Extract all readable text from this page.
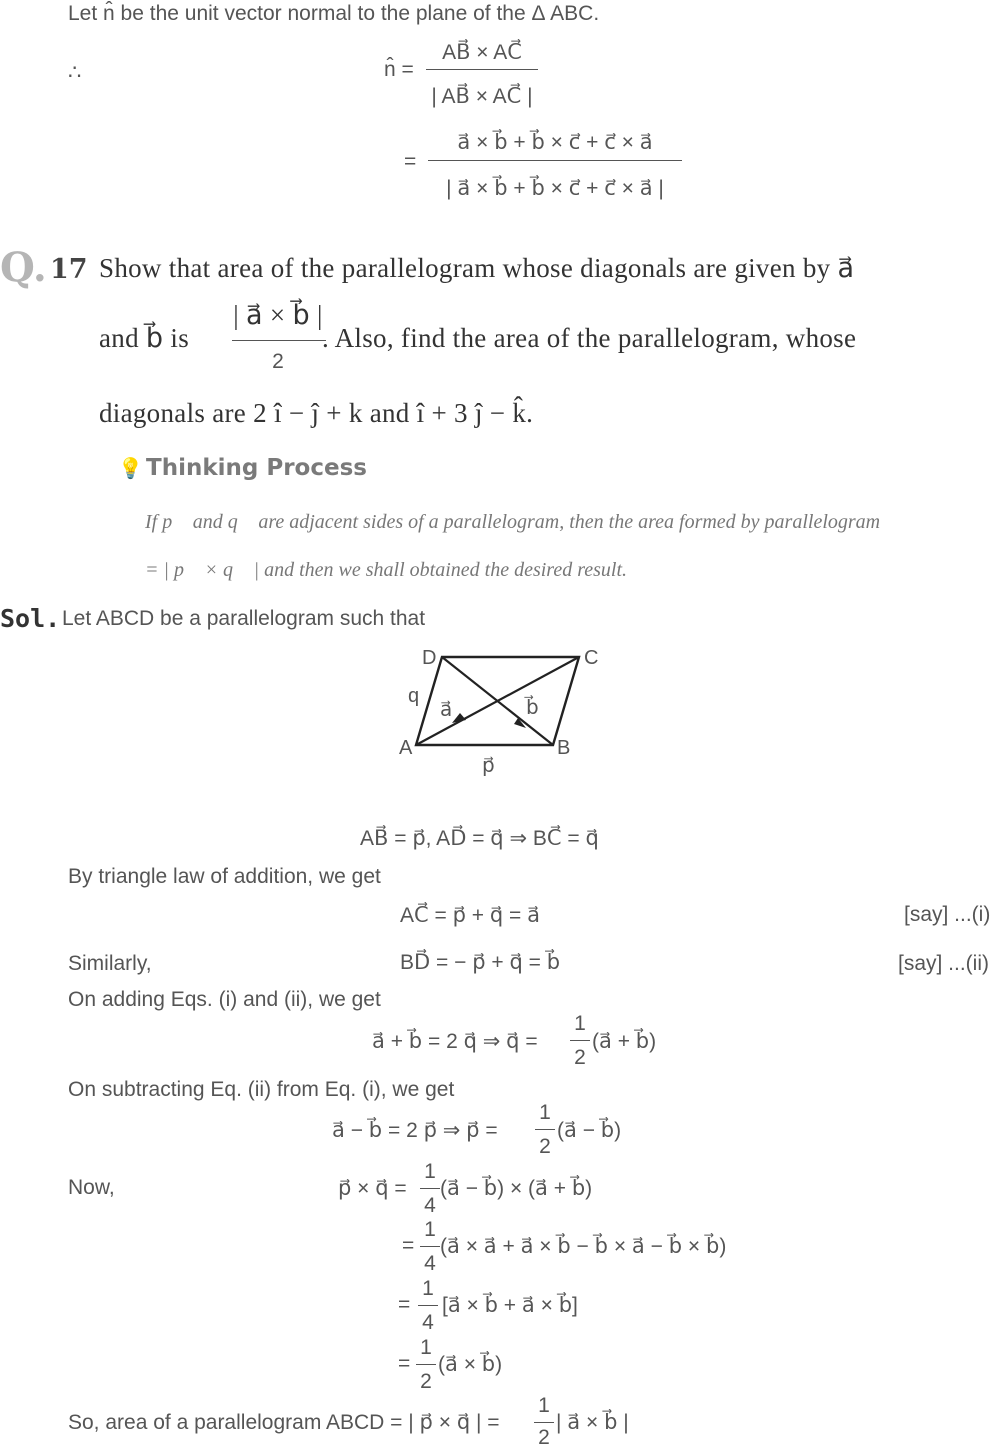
Let n̂ be the unit vector normal to the plane of the Δ ABC.
∴	n̂ =
AB⃗ × AC⃗
| AB⃗ × AC⃗ |
=
a⃗ × b⃗ + b⃗ × c⃗ + c⃗ × a⃗
| a⃗ × b⃗ + b⃗ × c⃗ + c⃗ × a⃗ |
Q. 17 Show that area of the parallelogram whose diagonals are given by a⃗
and b⃗ is
| a⃗ × b⃗ |
2
. Also, find the area of the parallelogram, whose
diagonals are 2 î − ĵ + k and î + 3 ĵ − k̂.
💡 Thinking Process
If p⃗ and q⃗ are adjacent sides of a parallelogram, then the area formed by parallelogram
= | p⃗ × q⃗ | and then we shall obtained the desired result.
Sol. Let ABCD be a parallelogram such that
D	C
A	B
q
a⃗	b⃗
p⃗
AB⃗ = p⃗, AD⃗ = q⃗ ⇒ BC⃗ = q⃗
By triangle law of addition, we get
AC⃗ = p⃗ + q⃗ = a⃗	[say] ...(i)
Similarly,	BD⃗ = − p⃗ + q⃗ = b⃗	[say] ...(ii)
On adding Eqs. (i) and (ii), we get
a⃗ + b⃗ = 2 q⃗ ⇒ q⃗ =
1
2
(a⃗ + b⃗)
On subtracting Eq. (ii) from Eq. (i), we get
a⃗ − b⃗ = 2 p⃗ ⇒ p⃗ =
1
2
(a⃗ − b⃗)
Now,	p⃗ × q⃗ =
1
4
(a⃗ − b⃗) × (a⃗ + b⃗)
=
1
4
(a⃗ × a⃗ + a⃗ × b⃗ − b⃗ × a⃗ − b⃗ × b⃗)
=
1
4
[a⃗ × b⃗ + a⃗ × b⃗]
=
1
2
(a⃗ × b⃗)
So, area of a parallelogram ABCD = | p⃗ × q⃗ | =
1
2
| a⃗ × b⃗ |
